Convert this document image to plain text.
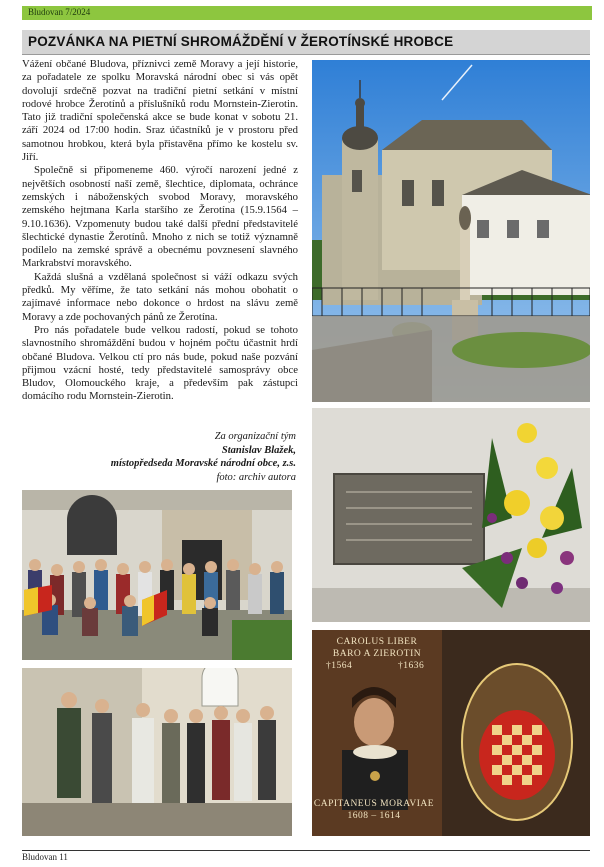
Bludovan 7/2024
POZVÁNKA NA PIETNÍ SHROMÁŽDĚNÍ V ŽEROTÍNSKÉ HROBCE

Vážení občané Bludova, příznivci země Moravy a její historie, za pořadatele ze spolku Moravská národní obec si vás opět dovolují srdečně pozvat na tradiční pietní setkání v místní rodové hrobce Žerotínů a příslušníků rodu Mornstein-Zierotin. Tato již tradiční společenská akce se bude konat v sobotu 21. září 2024 od 17:00 hodin. Sraz účastníků je v prostoru před samotnou hrobkou, která byla přistavěna přímo ke kostelu sv. Jiří.

Společně si připomeneme 460. výročí narození jedné z největších osobností naší země, šlechtice, diplomata, ochránce zemských i náboženských svobod Moravy, moravského zemského hejtmana Karla staršího ze Žerotína (15.9.1564 – 9.10.1636). Vzpomenuty budou také další přední představitelé šlechtické dynastie Žerotínů. Mnoho z nich se totiž významně podílelo na zemské správě a obecnému povznesení slavného Markrabství moravského.

Každá slušná a vzdělaná společnost si váží odkazu svých předků. My věříme, že tato setkání nás mohou obohatit o zajímavé informace nebo dokonce o hrdost na slávu země Moravy a zde pochovaných pánů ze Žerotína.

Pro nás pořadatele bude velkou radostí, pokud se tohoto slavnostního shromáždění budou v hojném počtu účastnit hrdí občané Bludova. Velkou ctí pro nás bude, pokud naše pozvání přijmou vzácní hosté, tedy představitelé samosprávy obce Bludov, Olomouckého kraje, a především pak zástupci domácího rodu Mornstein-Zierotin.

Za organizační tým
Stanislav Blažek,
místopředseda Moravské národní obce, z.s.
foto: archiv autora
CAROLUS LIBER
BARO A ZIEROTIN
†1564	†1636
CAPITANEUS MORAVIAE
1608 – 1614
Bludovan 11
